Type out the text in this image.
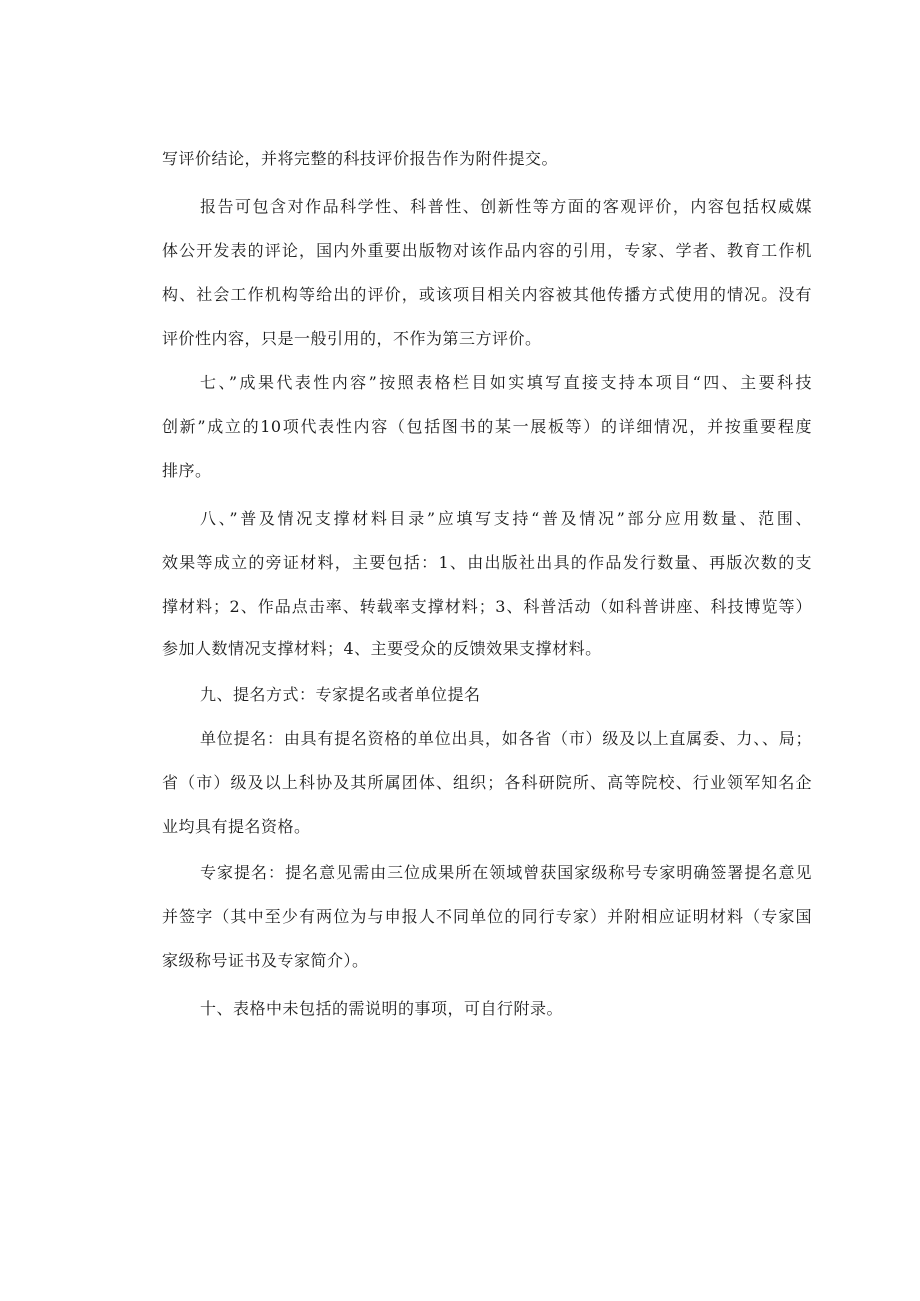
写评价结论，并将完整的科技评价报告作为附件提交。
报告可包含对作品科学性、科普性、创新性等方面的客观评价，内容包括权威媒
体公开发表的评论，国内外重要出版物对该作品内容的引用，专家、学者、教育工作机
构、社会工作机构等给出的评价，或该项目相关内容被其他传播方式使用的情况。没有
评价性内容，只是一般引用的，不作为第三方评价。
七、”成果代表性内容”按照表格栏目如实填写直接支持本项目“四、主要科技
创新”成立的10项代表性内容（包括图书的某一展板等）的详细情况，并按重要程度
排序。
八、”普及情况支撑材料目录”应填写支持“普及情况”部分应用数量、范围、
效果等成立的旁证材料，主要包括：1、由出版社出具的作品发行数量、再版次数的支
撑材料；2、作品点击率、转载率支撑材料；3、科普活动（如科普讲座、科技博览等）
参加人数情况支撑材料；4、主要受众的反馈效果支撑材料。
九、提名方式：专家提名或者单位提名
单位提名：由具有提名资格的单位出具，如各省（市）级及以上直属委、力、、局；
省（市）级及以上科协及其所属团体、组织；各科研院所、高等院校、行业领军知名企
业均具有提名资格。
专家提名：提名意见需由三位成果所在领域曾获国家级称号专家明确签署提名意见
并签字（其中至少有两位为与申报人不同单位的同行专家）并附相应证明材料（专家国
家级称号证书及专家简介）。
十、表格中未包括的需说明的事项，可自行附录。
